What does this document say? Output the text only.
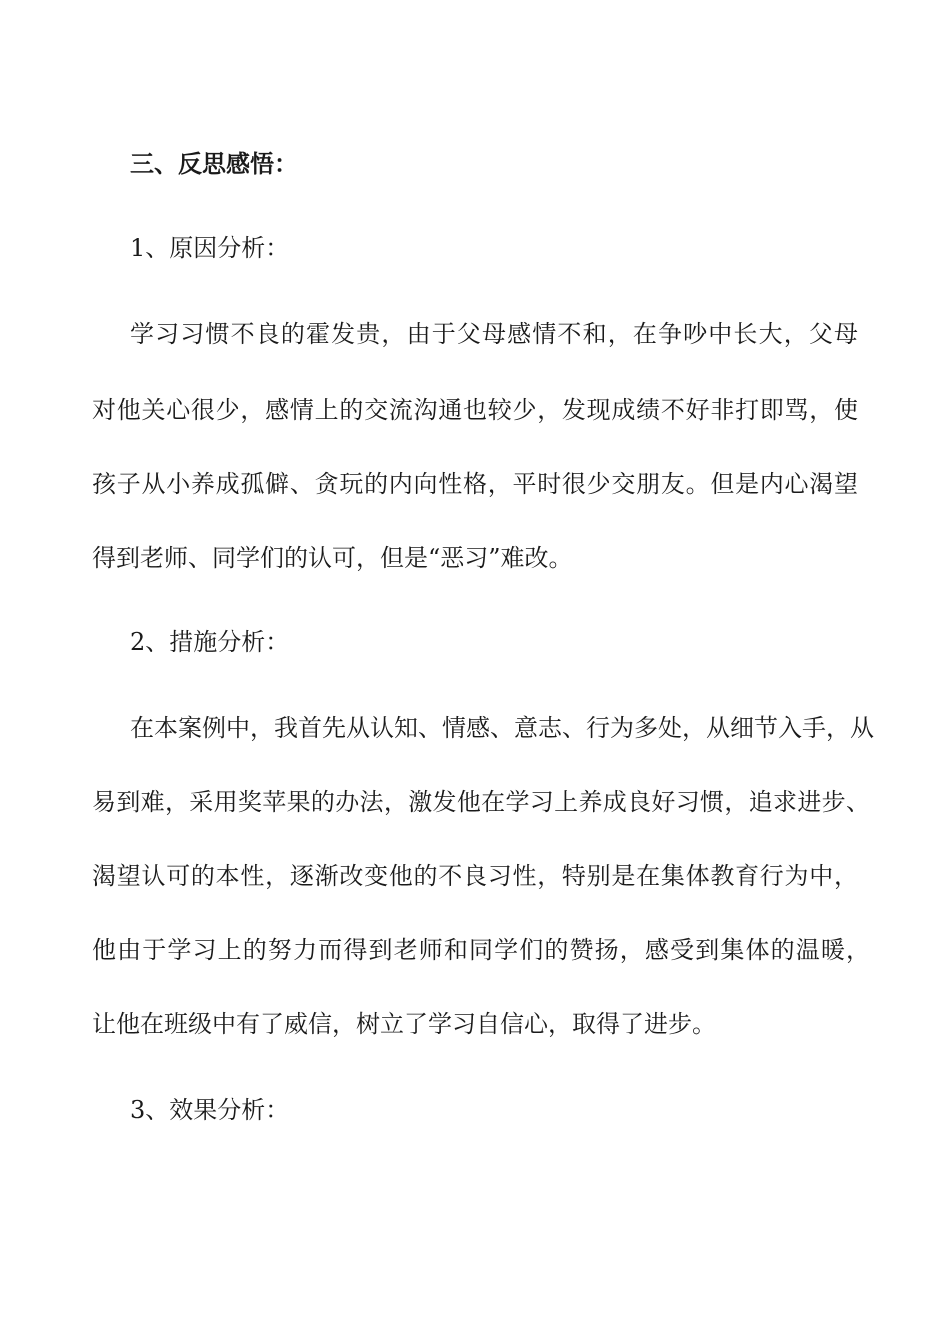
三、反思感悟：
1、原因分析：
学习习惯不良的霍发贵，由于父母感情不和，在争吵中长大，父母
对他关心很少，感情上的交流沟通也较少，发现成绩不好非打即骂，使
孩子从小养成孤僻、贪玩的内向性格，平时很少交朋友。但是内心渴望
得到老师、同学们的认可，但是“恶习”难改。
2、措施分析：
在本案例中，我首先从认知、情感、意志、行为多处，从细节入手，从
易到难，采用奖苹果的办法，激发他在学习上养成良好习惯，追求进步、
渴望认可的本性，逐渐改变他的不良习性，特别是在集体教育行为中，
他由于学习上的努力而得到老师和同学们的赞扬，感受到集体的温暖，
让他在班级中有了威信，树立了学习自信心，取得了进步。
3、效果分析：
